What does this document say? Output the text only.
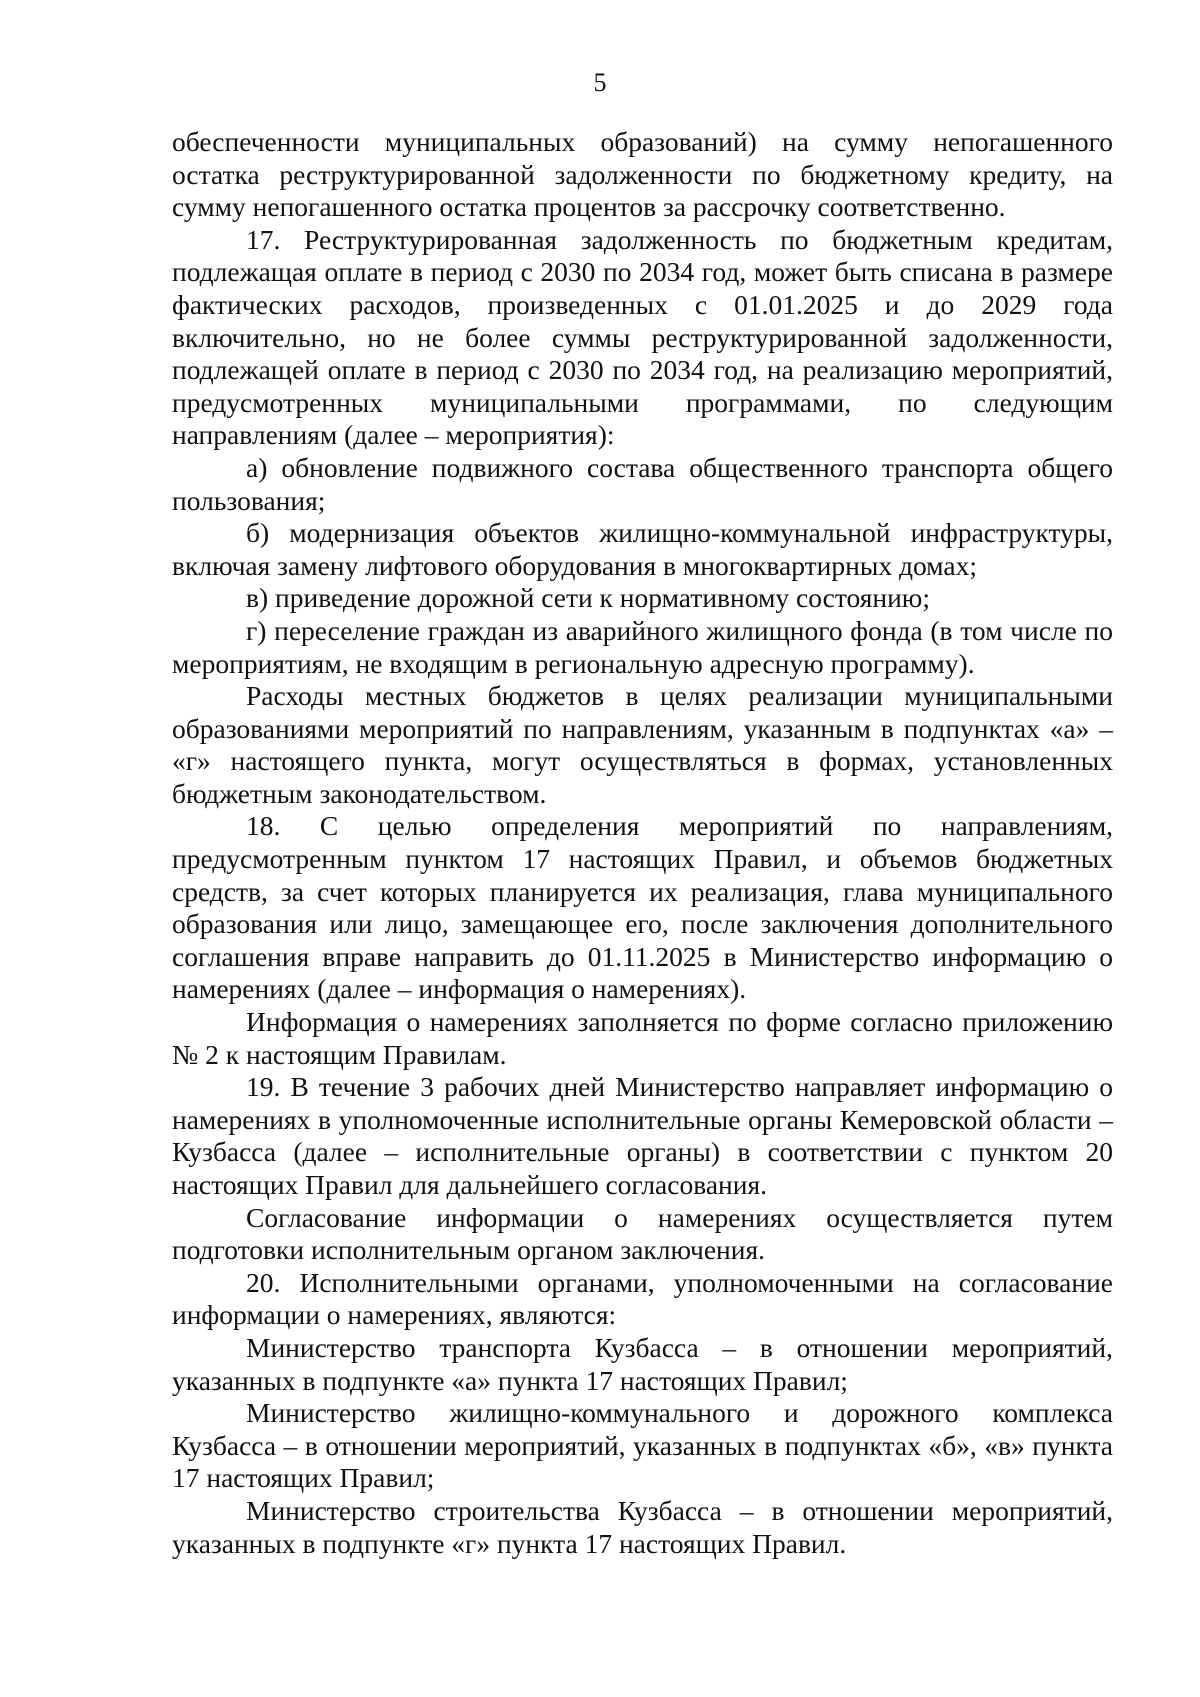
5

обеспеченности муниципальных образований) на сумму непогашенного остатка реструктурированной задолженности по бюджетному кредиту, на сумму непогашенного остатка процентов за рассрочку соответственно.

17. Реструктурированная задолженность по бюджетным кредитам, подлежащая оплате в период с 2030 по 2034 год, может быть списана в размере фактических расходов, произведенных с 01.01.2025 и до 2029 года включительно, но не более суммы реструктурированной задолженности, подлежащей оплате в период с 2030 по 2034 год, на реализацию мероприятий, предусмотренных муниципальными программами, по следующим направлениям (далее – мероприятия):

а) обновление подвижного состава общественного транспорта общего пользования;

б) модернизация объектов жилищно-коммунальной инфраструктуры, включая замену лифтового оборудования в многоквартирных домах;

в) приведение дорожной сети к нормативному состоянию;

г) переселение граждан из аварийного жилищного фонда (в том числе по мероприятиям, не входящим в региональную адресную программу).

Расходы местных бюджетов в целях реализации муниципальными образованиями мероприятий по направлениям, указанным в подпунктах «а» – «г» настоящего пункта, могут осуществляться в формах, установленных бюджетным законодательством.

18. С целью определения мероприятий по направлениям, предусмотренным пунктом 17 настоящих Правил, и объемов бюджетных средств, за счет которых планируется их реализация, глава муниципального образования или лицо, замещающее его, после заключения дополнительного соглашения вправе направить до 01.11.2025 в Министерство информацию о намерениях (далее – информация о намерениях).

Информация о намерениях заполняется по форме согласно приложению № 2 к настоящим Правилам.

19. В течение 3 рабочих дней Министерство направляет информацию о намерениях в уполномоченные исполнительные органы Кемеровской области – Кузбасса (далее – исполнительные органы) в соответствии с пунктом 20 настоящих Правил для дальнейшего согласования.

Согласование информации о намерениях осуществляется путем подготовки исполнительным органом заключения.

20. Исполнительными органами, уполномоченными на согласование информации о намерениях, являются:

Министерство транспорта Кузбасса – в отношении мероприятий, указанных в подпункте «а» пункта 17 настоящих Правил;

Министерство жилищно-коммунального и дорожного комплекса Кузбасса – в отношении мероприятий, указанных в подпунктах «б», «в» пункта 17 настоящих Правил;

Министерство строительства Кузбасса – в отношении мероприятий, указанных в подпункте «г» пункта 17 настоящих Правил.
